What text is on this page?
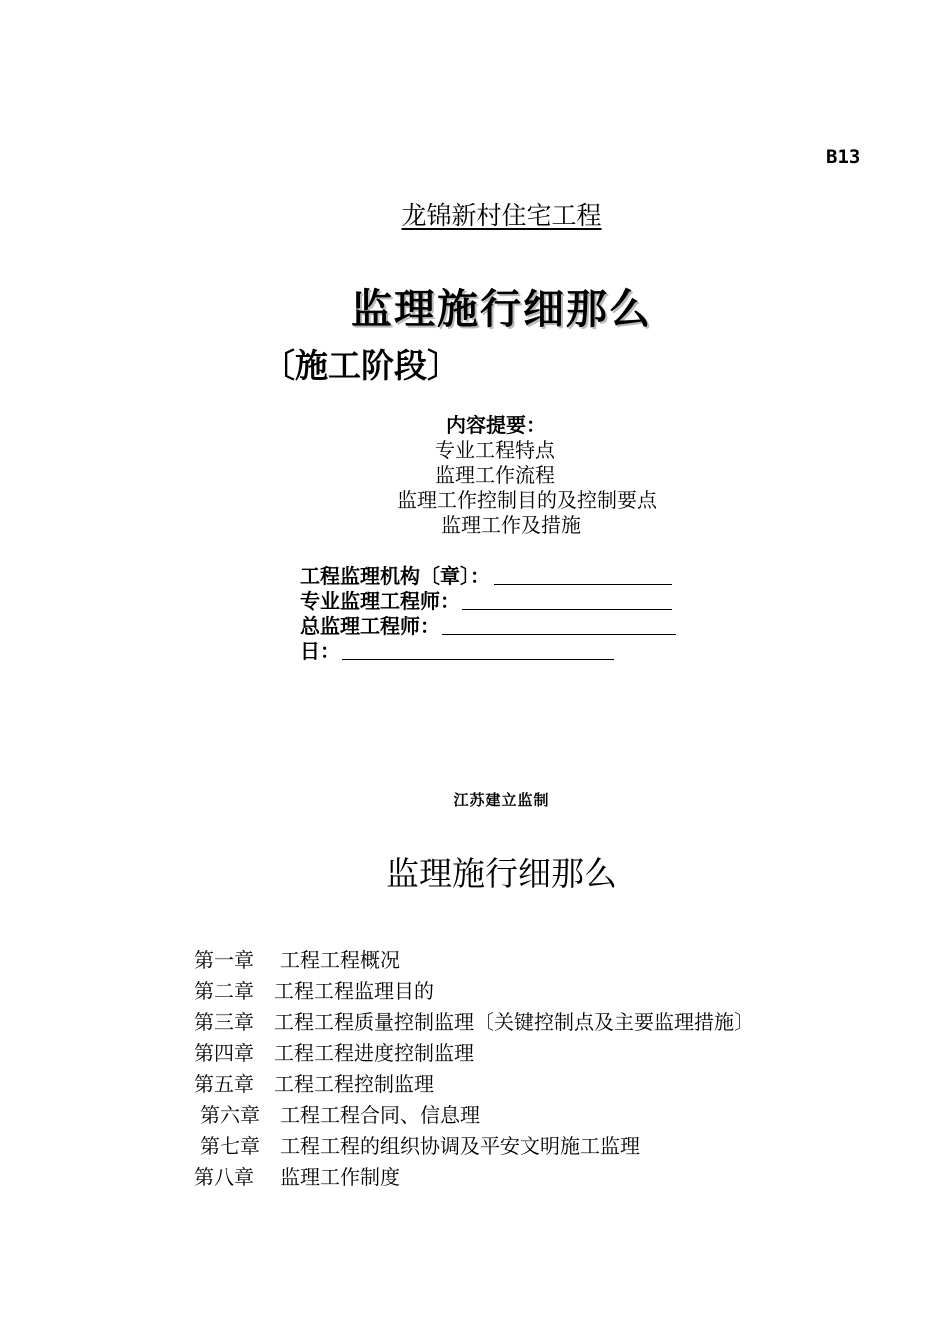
B13
龙锦新村住宅工程
监理施行细那么
〔施工阶段〕
内容提要：
专业工程特点
监理工作流程
监理工作控制目的及控制要点
监理工作及措施
工程监理机构〔章〕：
专业监理工程师：
总监理工程师：
日：
江苏建立监制
监理施行细那么
第一章 工程工程概况
第二章 工程工程监理目的
第三章 工程工程质量控制监理〔关键控制点及主要监理措施〕
第四章 工程工程进度控制监理
第五章 工程工程控制监理
第六章 工程工程合同、信息理
第七章 工程工程的组织协调及平安文明施工监理
第八章 监理工作制度
